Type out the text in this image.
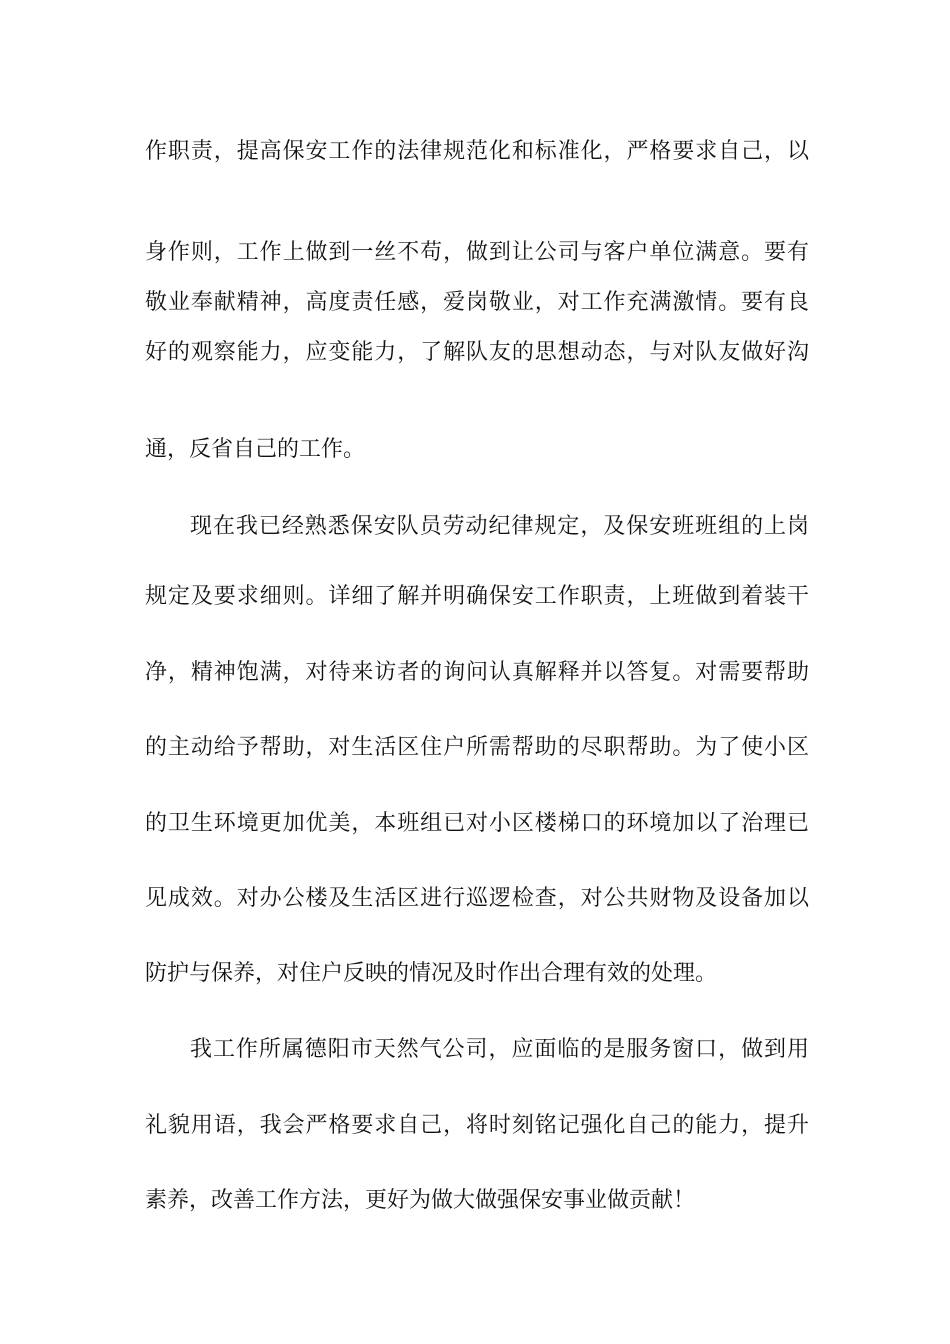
作职责，提高保安工作的法律规范化和标准化，严格要求自己，以
身作则，工作上做到一丝不苟，做到让公司与客户单位满意。要有
敬业奉献精神，高度责任感，爱岗敬业，对工作充满激情。要有良
好的观察能力，应变能力，了解队友的思想动态，与对队友做好沟
通，反省自己的工作。
现在我已经熟悉保安队员劳动纪律规定，及保安班班组的上岗
规定及要求细则。详细了解并明确保安工作职责，上班做到着装干
净，精神饱满，对待来访者的询问认真解释并以答复。对需要帮助
的主动给予帮助，对生活区住户所需帮助的尽职帮助。为了使小区
的卫生环境更加优美，本班组已对小区楼梯口的环境加以了治理已
见成效。对办公楼及生活区进行巡逻检查，对公共财物及设备加以
防护与保养，对住户反映的情况及时作出合理有效的处理。
我工作所属德阳市天然气公司，应面临的是服务窗口，做到用
礼貌用语，我会严格要求自己，将时刻铭记强化自己的能力，提升
素养，改善工作方法，更好为做大做强保安事业做贡献！
